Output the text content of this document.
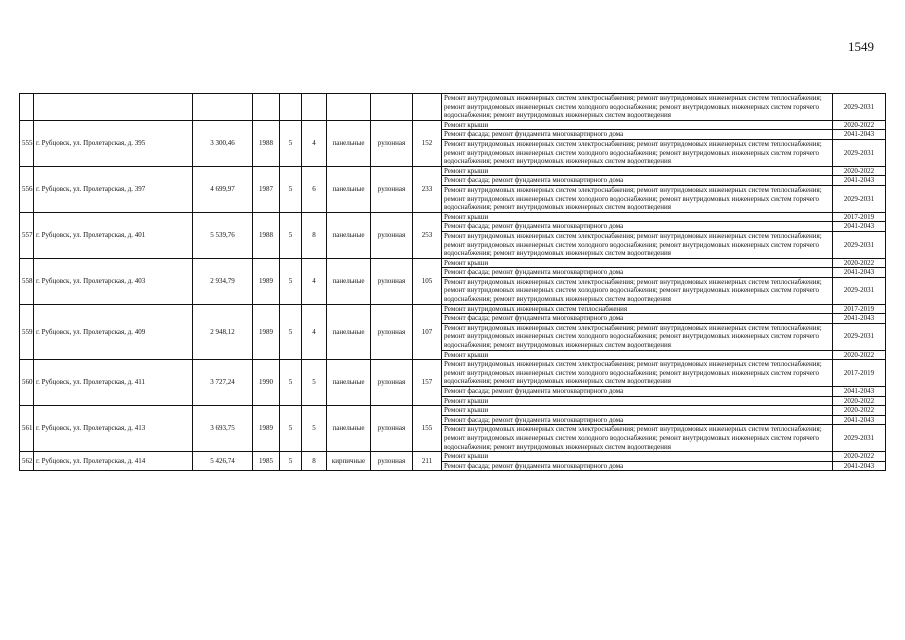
1549
									Ремонт внутридомовых инженерных систем электроснабжения; ремонт внутридомовых инженерных систем теплоснабжения; ремонт внутридомовых инженерных систем холодного водоснабжения; ремонт внутридомовых инженерных систем горячего водоснабжения; ремонт внутридомовых инженерных систем водоотведения	2029-2031
555	г. Рубцовск, ул. Пролетарская, д. 395	3 300,46	1988	5	4	панельные	рулонная	152	Ремонт крыши	2020-2022
									Ремонт фасада; ремонт фундамента многоквартирного дома	2041-2043
									Ремонт внутридомовых инженерных систем электроснабжения; ремонт внутридомовых инженерных систем теплоснабжения; ремонт внутридомовых инженерных систем холодного водоснабжения; ремонт внутридомовых инженерных систем горячего водоснабжения; ремонт внутридомовых инженерных систем водоотведения	2029-2031
556	г. Рубцовск, ул. Пролетарская, д. 397	4 699,97	1987	5	6	панельные	рулонная	233	Ремонт крыши	2020-2022
									Ремонт фасада; ремонт фундамента многоквартирного дома	2041-2043
									Ремонт внутридомовых инженерных систем электроснабжения; ремонт внутридомовых инженерных систем теплоснабжения; ремонт внутридомовых инженерных систем холодного водоснабжения; ремонт внутридомовых инженерных систем горячего водоснабжения; ремонт внутридомовых инженерных систем водоотведения	2029-2031
557	г. Рубцовск, ул. Пролетарская, д. 401	5 539,76	1988	5	8	панельные	рулонная	253	Ремонт крыши	2017-2019
									Ремонт фасада; ремонт фундамента многоквартирного дома	2041-2043
									Ремонт внутридомовых инженерных систем электроснабжения; ремонт внутридомовых инженерных систем теплоснабжения; ремонт внутридомовых инженерных систем холодного водоснабжения; ремонт внутридомовых инженерных систем горячего водоснабжения; ремонт внутридомовых инженерных систем водоотведения	2029-2031
558	г. Рубцовск, ул. Пролетарская, д. 403	2 934,79	1989	5	4	панельные	рулонная	105	Ремонт крыши	2020-2022
									Ремонт фасада; ремонт фундамента многоквартирного дома	2041-2043
									Ремонт внутридомовых инженерных систем электроснабжения; ремонт внутридомовых инженерных систем теплоснабжения; ремонт внутридомовых инженерных систем холодного водоснабжения; ремонт внутридомовых инженерных систем горячего водоснабжения; ремонт внутридомовых инженерных систем водоотведения	2029-2031
559	г. Рубцовск, ул. Пролетарская, д. 409	2 948,12	1989	5	4	панельные	рулонная	107	Ремонт внутридомовых инженерных систем теплоснабжения	2017-2019
									Ремонт фасада; ремонт фундамента многоквартирного дома	2041-2043
									Ремонт внутридомовых инженерных систем электроснабжения; ремонт внутридомовых инженерных систем теплоснабжения; ремонт внутридомовых инженерных систем холодного водоснабжения; ремонт внутридомовых инженерных систем горячего водоснабжения; ремонт внутридомовых инженерных систем водоотведения	2029-2031
									Ремонт крыши	2020-2022
560	г. Рубцовск, ул. Пролетарская, д. 411	3 727,24	1990	5	5	панельные	рулонная	157	Ремонт внутридомовых инженерных систем электроснабжения; ремонт внутридомовых инженерных систем теплоснабжения; ремонт внутридомовых инженерных систем холодного водоснабжения; ремонт внутридомовых инженерных систем горячего водоснабжения; ремонт внутридомовых инженерных систем водоотведения	2017-2019
									Ремонт фасада; ремонт фундамента многоквартирного дома	2041-2043
									Ремонт крыши	2020-2022
561	г. Рубцовск, ул. Пролетарская, д. 413	3 693,75	1989	5	5	панельные	рулонная	155	Ремонт крыши	2020-2022
									Ремонт фасада; ремонт фундамента многоквартирного дома	2041-2043
									Ремонт внутридомовых инженерных систем электроснабжения; ремонт внутридомовых инженерных систем теплоснабжения; ремонт внутридомовых инженерных систем холодного водоснабжения; ремонт внутридомовых инженерных систем горячего водоснабжения; ремонт внутридомовых инженерных систем водоотведения	2029-2031
562	г. Рубцовск, ул. Пролетарская, д. 414	5 426,74	1985	5	8	кирпичные	рулонная	211	Ремонт крыши	2020-2022
									Ремонт фасада; ремонт фундамента многоквартирного дома	2041-2043
